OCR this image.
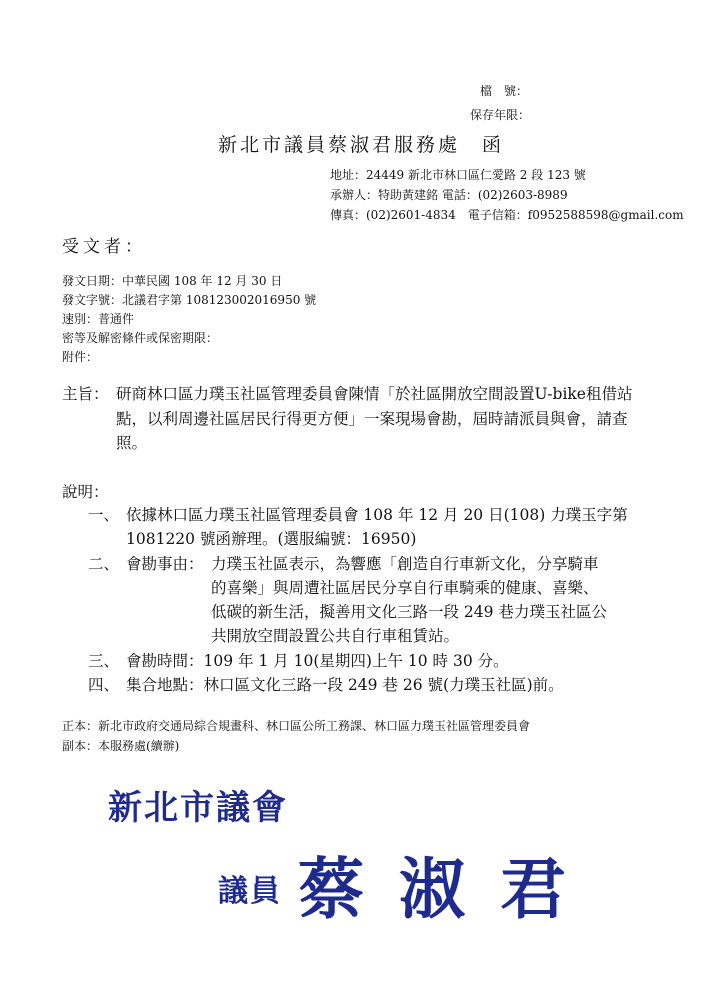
檔　號：
保存年限：
新北市議員蔡淑君服務處　函
地址：24449 新北市林口區仁愛路 2 段 123 號
承辦人：特助黃建銘 電話：(02)2603-8989
傳真：(02)2601-4834　電子信箱：f0952588598@gmail.com
受文者：
發文日期：中華民國 108 年 12 月 30 日
發文字號：北議君字第 108123002016950 號
速別：普通件
密等及解密條件或保密期限：
附件：
主旨： 研商林口區力璞玉社區管理委員會陳情「於社區開放空間設置U-bike租借站點，以利周邊社區居民行得更方便」一案現場會勘，屆時請派員與會，請查照。
說明：
一、 依據林口區力璞玉社區管理委員會 108 年 12 月 20 日(108) 力璞玉字第
1081220 號函辦理。(選服編號：16950)
二、 會勘事由： 力璞玉社區表示，為響應「創造自行車新文化，分享騎車
的喜樂」與周遭社區居民分享自行車騎乘的健康、喜樂、
低碳的新生活，擬善用文化三路一段 249 巷力璞玉社區公
共開放空間設置公共自行車租賃站。
三、 會勘時間：109 年 1 月 10(星期四)上午 10 時 30 分。
四、 集合地點：林口區文化三路一段 249 巷 26 號(力璞玉社區)前。
正本：新北市政府交通局綜合規畫科、林口區公所工務課、林口區力璞玉社區管理委員會
副本：本服務處(續辦)
新北市議會
議員 蔡 淑 君
